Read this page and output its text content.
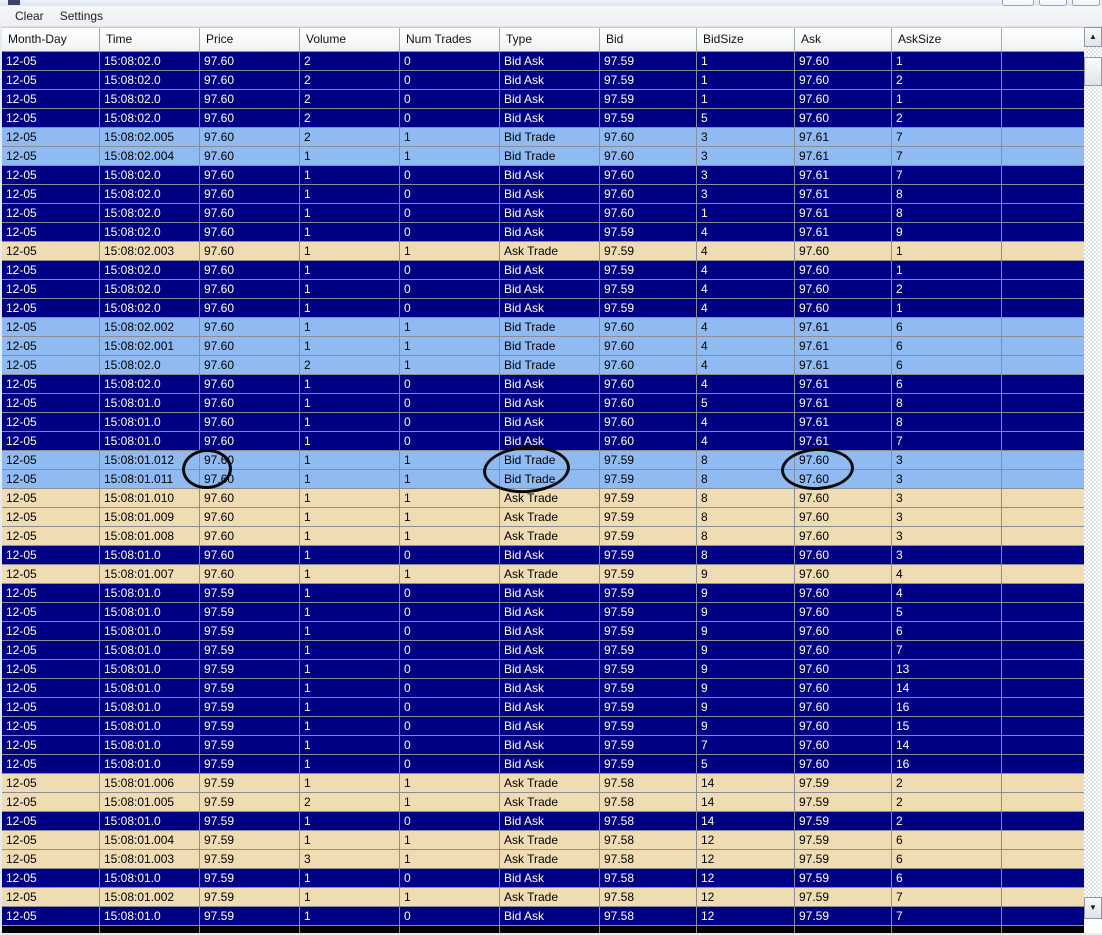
Clear	Settings
Month-Day	Time	Price	Volume	Num Trades	Type	Bid	BidSize	Ask	AskSize
12-05	15:08:02.0	97.60	2	0	Bid Ask	97.59	1	97.60	1
12-05	15:08:02.0	97.60	2	0	Bid Ask	97.59	1	97.60	2
12-05	15:08:02.0	97.60	2	0	Bid Ask	97.59	1	97.60	1
12-05	15:08:02.0	97.60	2	0	Bid Ask	97.59	5	97.60	2
12-05	15:08:02.005	97.60	2	1	Bid Trade	97.60	3	97.61	7
12-05	15:08:02.004	97.60	1	1	Bid Trade	97.60	3	97.61	7
12-05	15:08:02.0	97.60	1	0	Bid Ask	97.60	3	97.61	7
12-05	15:08:02.0	97.60	1	0	Bid Ask	97.60	3	97.61	8
12-05	15:08:02.0	97.60	1	0	Bid Ask	97.60	1	97.61	8
12-05	15:08:02.0	97.60	1	0	Bid Ask	97.59	4	97.61	9
12-05	15:08:02.003	97.60	1	1	Ask Trade	97.59	4	97.60	1
12-05	15:08:02.0	97.60	1	0	Bid Ask	97.59	4	97.60	1
12-05	15:08:02.0	97.60	1	0	Bid Ask	97.59	4	97.60	2
12-05	15:08:02.0	97.60	1	0	Bid Ask	97.59	4	97.60	1
12-05	15:08:02.002	97.60	1	1	Bid Trade	97.60	4	97.61	6
12-05	15:08:02.001	97.60	1	1	Bid Trade	97.60	4	97.61	6
12-05	15:08:02.0	97.60	2	1	Bid Trade	97.60	4	97.61	6
12-05	15:08:02.0	97.60	1	0	Bid Ask	97.60	4	97.61	6
12-05	15:08:01.0	97.60	1	0	Bid Ask	97.60	5	97.61	8
12-05	15:08:01.0	97.60	1	0	Bid Ask	97.60	4	97.61	8
12-05	15:08:01.0	97.60	1	0	Bid Ask	97.60	4	97.61	7
12-05	15:08:01.012	97.60	1	1	Bid Trade	97.59	8	97.60	3
12-05	15:08:01.011	97.60	1	1	Bid Trade	97.59	8	97.60	3
12-05	15:08:01.010	97.60	1	1	Ask Trade	97.59	8	97.60	3
12-05	15:08:01.009	97.60	1	1	Ask Trade	97.59	8	97.60	3
12-05	15:08:01.008	97.60	1	1	Ask Trade	97.59	8	97.60	3
12-05	15:08:01.0	97.60	1	0	Bid Ask	97.59	8	97.60	3
12-05	15:08:01.007	97.60	1	1	Ask Trade	97.59	9	97.60	4
12-05	15:08:01.0	97.59	1	0	Bid Ask	97.59	9	97.60	4
12-05	15:08:01.0	97.59	1	0	Bid Ask	97.59	9	97.60	5
12-05	15:08:01.0	97.59	1	0	Bid Ask	97.59	9	97.60	6
12-05	15:08:01.0	97.59	1	0	Bid Ask	97.59	9	97.60	7
12-05	15:08:01.0	97.59	1	0	Bid Ask	97.59	9	97.60	13
12-05	15:08:01.0	97.59	1	0	Bid Ask	97.59	9	97.60	14
12-05	15:08:01.0	97.59	1	0	Bid Ask	97.59	9	97.60	16
12-05	15:08:01.0	97.59	1	0	Bid Ask	97.59	9	97.60	15
12-05	15:08:01.0	97.59	1	0	Bid Ask	97.59	7	97.60	14
12-05	15:08:01.0	97.59	1	0	Bid Ask	97.59	5	97.60	16
12-05	15:08:01.006	97.59	1	1	Ask Trade	97.58	14	97.59	2
12-05	15:08:01.005	97.59	2	1	Ask Trade	97.58	14	97.59	2
12-05	15:08:01.0	97.59	1	0	Bid Ask	97.58	14	97.59	2
12-05	15:08:01.004	97.59	1	1	Ask Trade	97.58	12	97.59	6
12-05	15:08:01.003	97.59	3	1	Ask Trade	97.58	12	97.59	6
12-05	15:08:01.0	97.59	1	0	Bid Ask	97.58	12	97.59	6
12-05	15:08:01.002	97.59	1	1	Ask Trade	97.58	12	97.59	7
12-05	15:08:01.0	97.59	1	0	Bid Ask	97.58	12	97.59	7
▲
▼
